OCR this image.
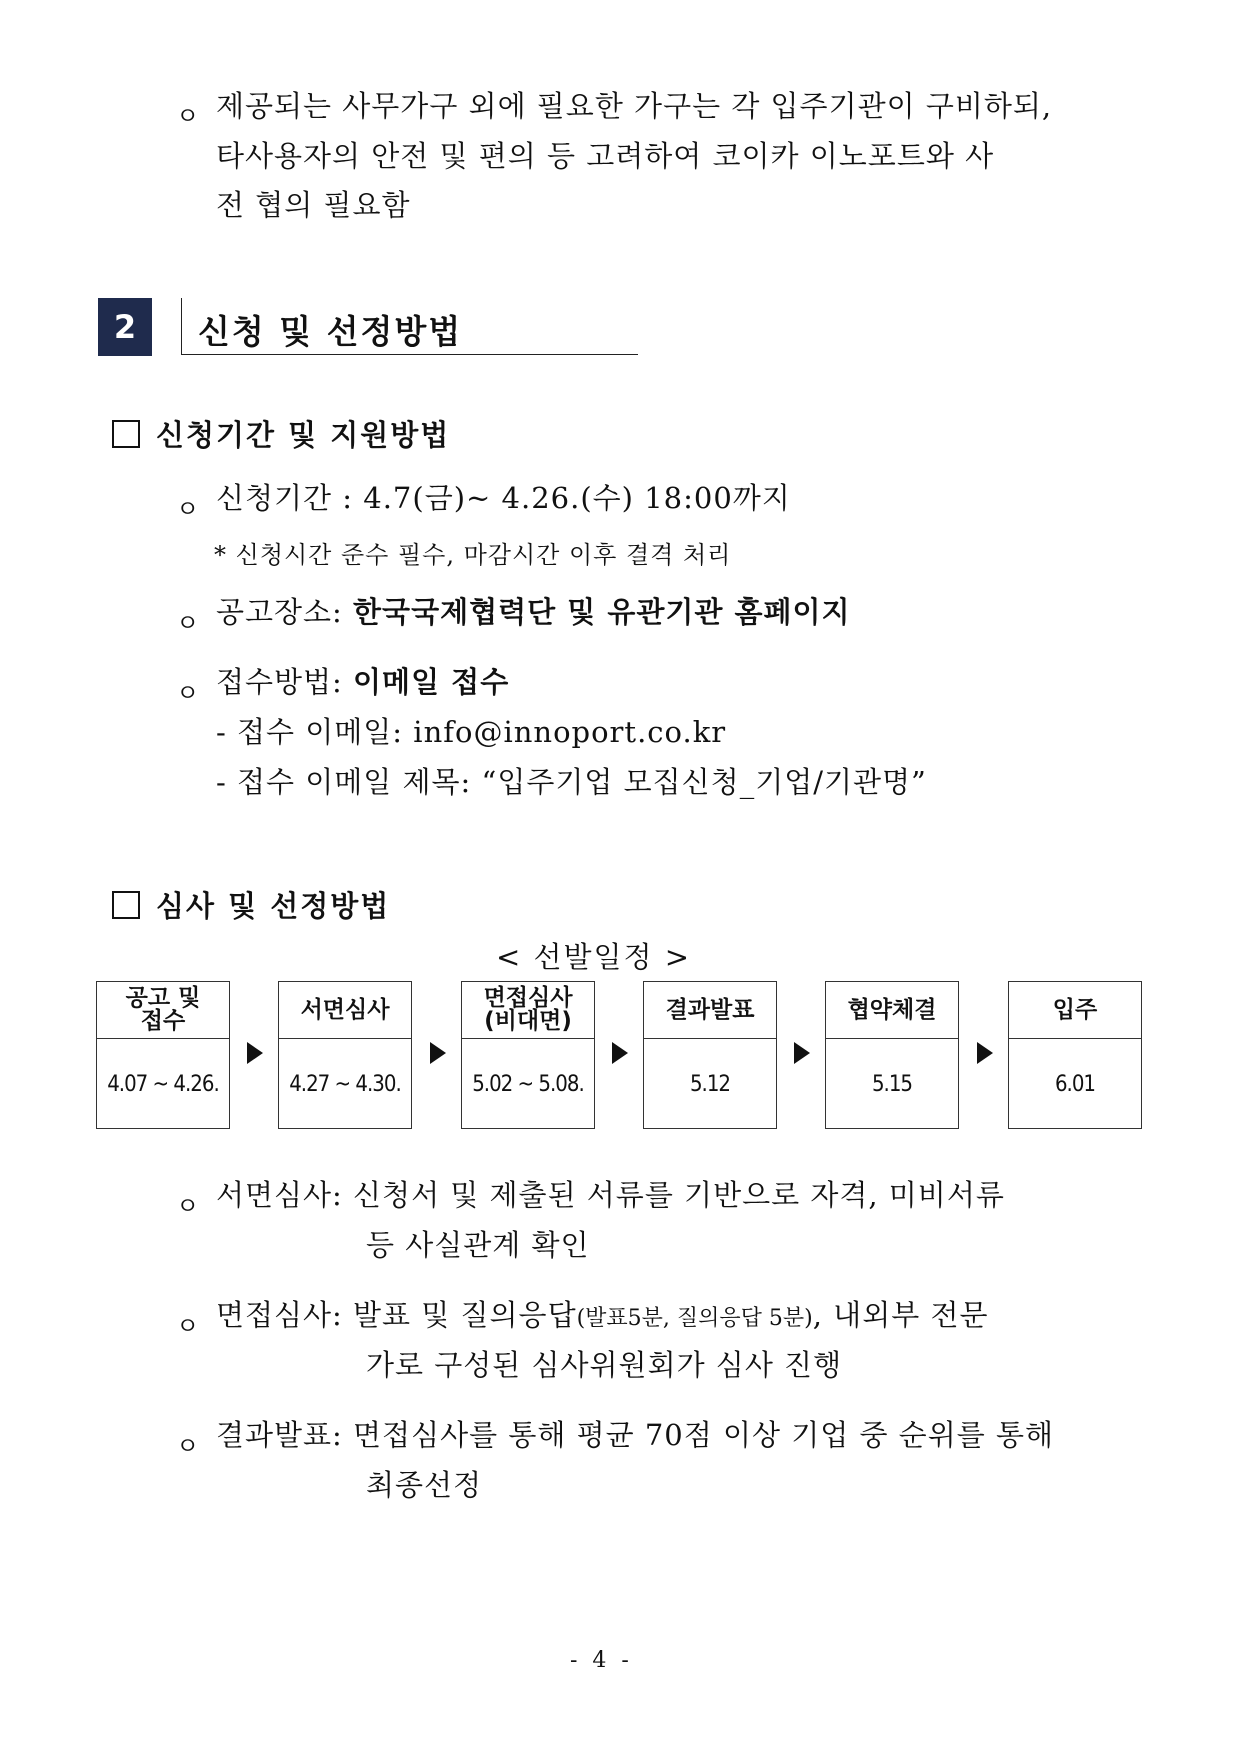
ㅇ 제공되는 사무가구 외에 필요한 가구는 각 입주기관이 구비하되,
타사용자의 안전 및 편의 등 고려하여 코이카 이노포트와 사
전 협의 필요함
2	신청 및 선정방법
신청기간 및 지원방법
ㅇ 신청기간 : 4.7(금)~ 4.26.(수) 18:00까지
* 신청시간 준수 필수, 마감시간 이후 결격 처리
ㅇ 공고장소: 한국국제협력단 및 유관기관 홈페이지
ㅇ 접수방법: 이메일 접수
- 접수 이메일: info@innoport.co.kr
- 접수 이메일 제목: “입주기업 모집신청_기업/기관명”
심사 및 선정방법
< 선발일정 >
공고 및
접수
4.07 ~ 4.26.
서면심사
4.27 ~ 4.30.
면접심사
(비대면)
5.02 ~ 5.08.
결과발표
5.12
협약체결
5.15
입주
6.01
ㅇ 서면심사: 신청서 및 제출된 서류를 기반으로 자격, 미비서류
등 사실관계 확인
ㅇ 면접심사: 발표 및 질의응답(발표5분, 질의응답 5분), 내외부 전문
가로 구성된 심사위원회가 심사 진행
ㅇ 결과발표: 면접심사를 통해 평균 70점 이상 기업 중 순위를 통해
최종선정
- 4 -
